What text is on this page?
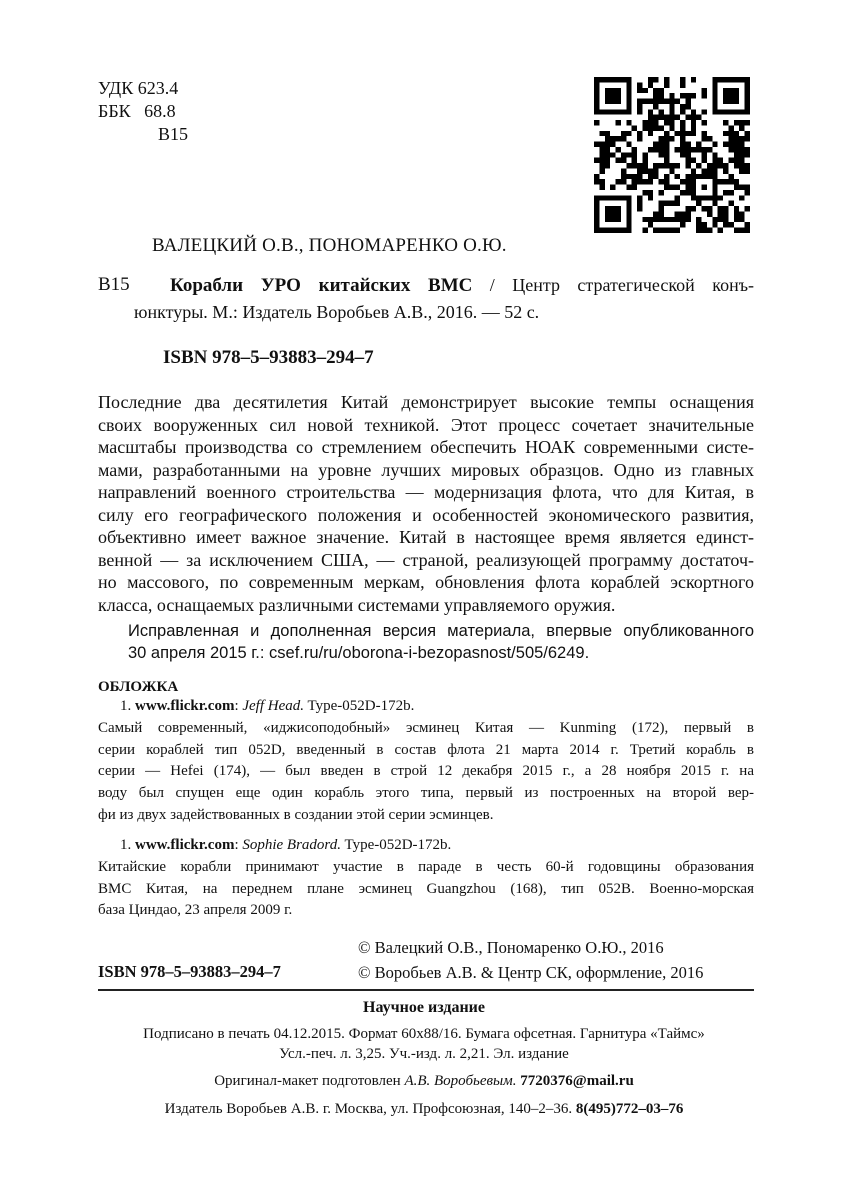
УДК 623.4
ББК   68.8
В15
ВАЛЕЦКИЙ О.В., ПОНОМАРЕНКО О.Ю.
В15 Корабли УРО китайских ВМС / Центр стратегической конъ-
юнктуры. М.: Издатель Воробьев А.В., 2016. — 52 с.
ISBN 978–5–93883–294–7
Последние два десятилетия Китай демонстрирует высокие темпы оснащения
своих вооруженных сил новой техникой. Этот процесс сочетает значительные
масштабы производства со стремлением обеспечить НОАК современными систе-
мами, разработанными на уровне лучших мировых образцов. Одно из главных
направлений военного строительства — модернизация флота, что для Китая, в
силу его географического положения и особенностей экономического развития,
объективно имеет важное значение. Китай в настоящее время является единст-
венной — за исключением США, — страной, реализующей программу достаточ-
но массового, по современным меркам, обновления флота кораблей эскортного
класса, оснащаемых различными системами управляемого оружия.
Исправленная и дополненная версия материала, впервые опубликованного
30 апреля 2015 г.: csef.ru/ru/oborona-i-bezopasnost/505/6249.
ОБЛОЖКА
1. www.flickr.com: Jeff Head. Type-052D-172b.
Самый современный, «иджисоподобный» эсминец Китая — Kunming (172), первый в
серии кораблей тип 052D, введенный в состав флота 21 марта 2014 г. Третий корабль в
серии — Hefei (174), — был введен в строй 12 декабря 2015 г., а 28 ноября 2015 г. на
воду был спущен еще один корабль этого типа, первый из построенных на второй вер-
фи из двух задействованных в создании этой серии эсминцев.
1. www.flickr.com: Sophie Bradord. Type-052D-172b.
Китайские корабли принимают участие в параде в честь 60-й годовщины образования
ВМС Китая, на переднем плане эсминец Guangzhou (168), тип 052В. Военно-морская
база Циндао, 23 апреля 2009 г.
© Валецкий О.В., Пономаренко О.Ю., 2016
© Воробьев А.В. & Центр СК, оформление, 2016
ISBN 978–5–93883–294–7
Научное издание
Подписано в печать 04.12.2015. Формат 60х88/16. Бумага офсетная. Гарнитура «Таймс»
Усл.-печ. л. 3,25. Уч.-изд. л. 2,21. Эл. издание
Оригинал-макет подготовлен А.В. Воробьевым. 7720376@mail.ru
Издатель Воробьев А.В. г. Москва, ул. Профсоюзная, 140–2–36. 8(495)772–03–76
